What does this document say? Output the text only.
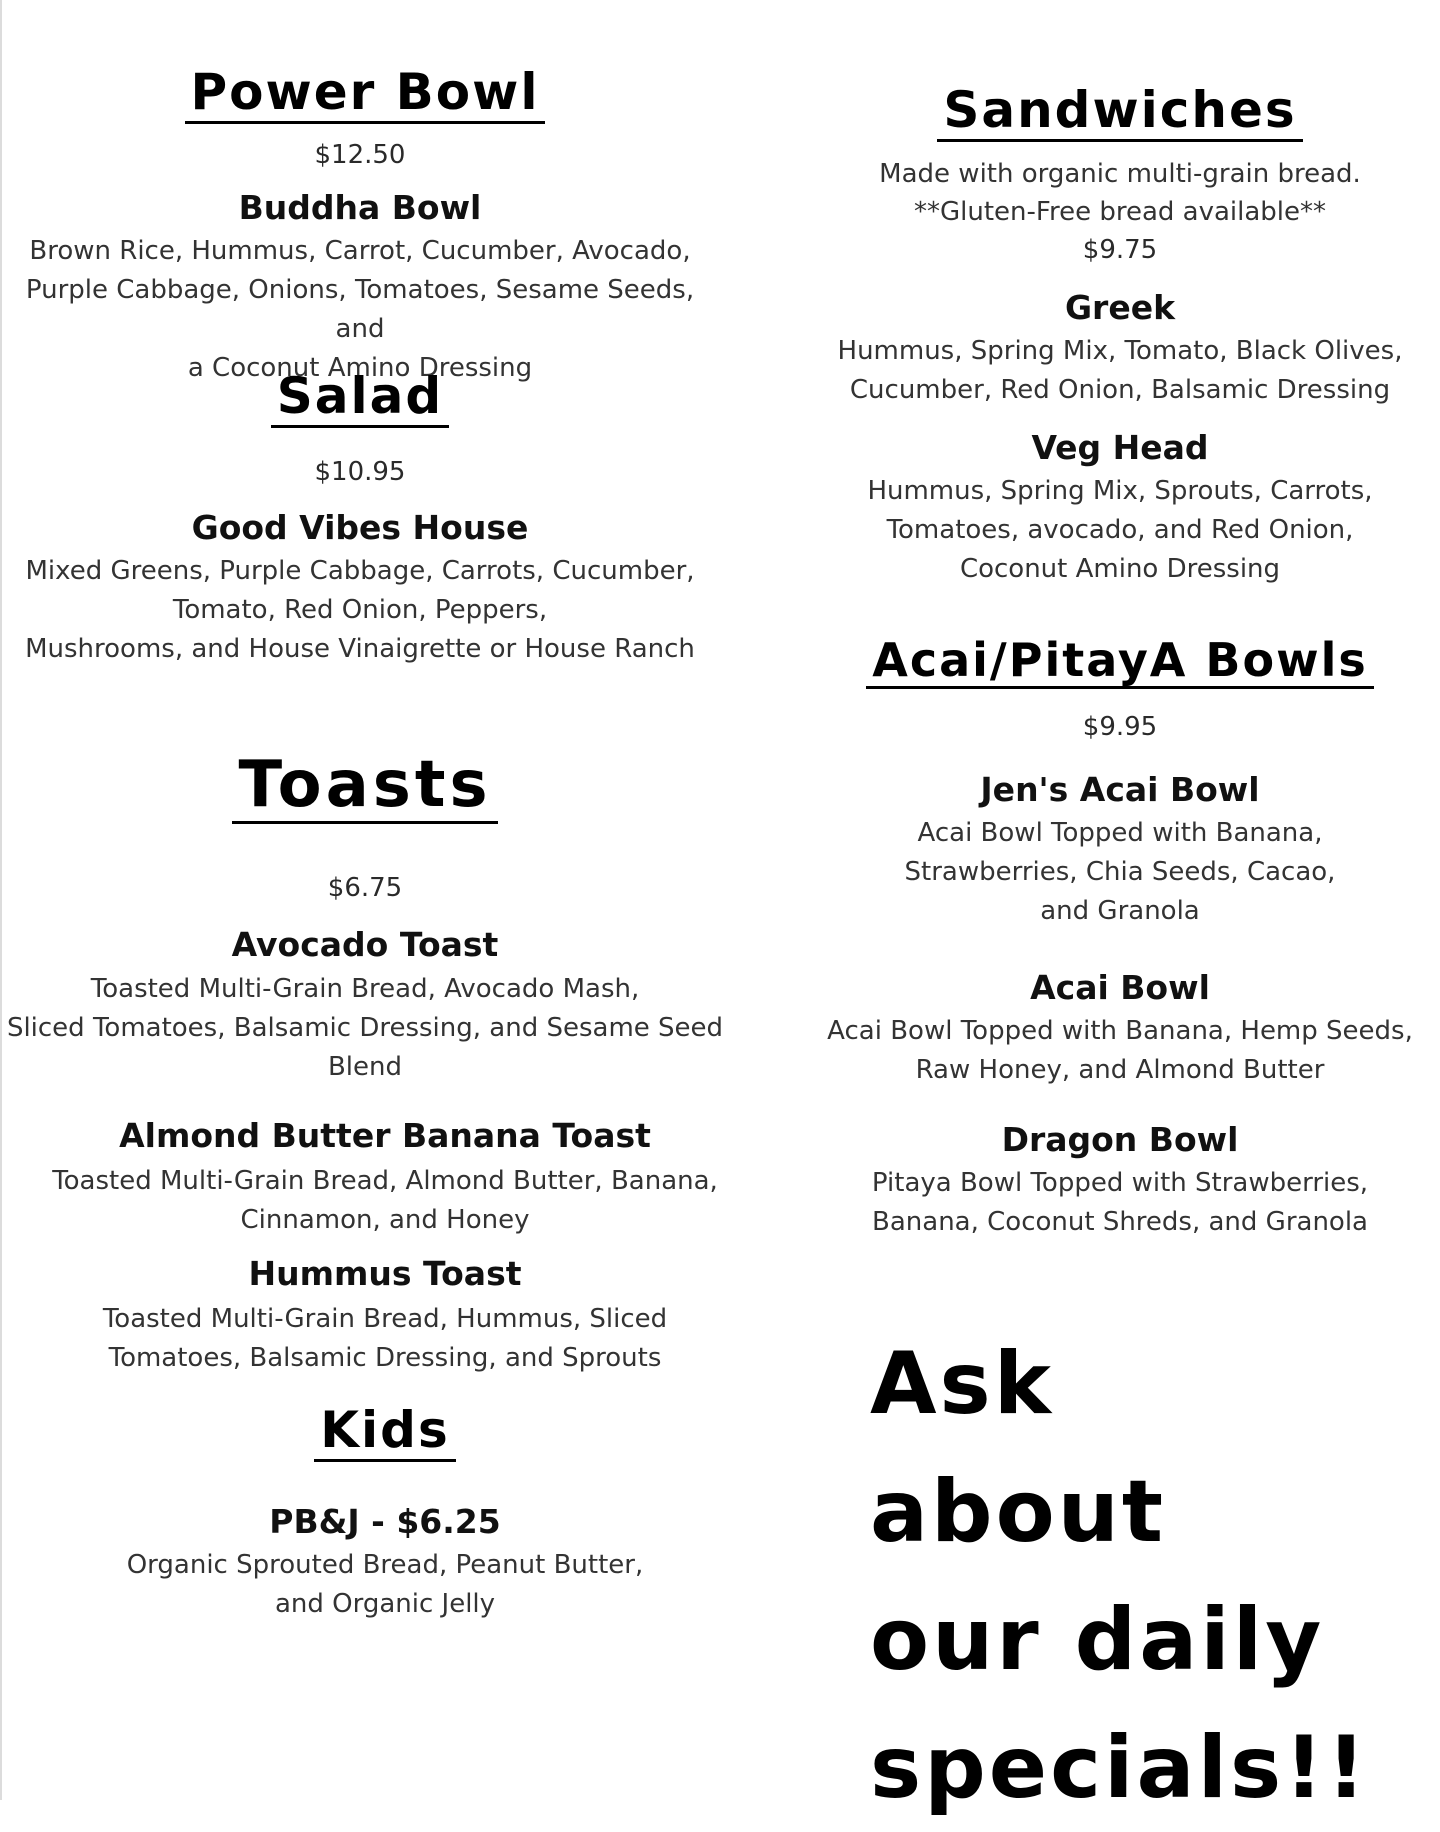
Power Bowl
$12.50
Buddha Bowl
Brown Rice, Hummus, Carrot, Cucumber, Avocado,
Purple Cabbage, Onions, Tomatoes, Sesame Seeds, and
a Coconut Amino Dressing
Salad
$10.95
Good Vibes House
Mixed Greens, Purple Cabbage, Carrots, Cucumber,
Tomato, Red Onion, Peppers,
Mushrooms, and House Vinaigrette or House Ranch
Toasts
$6.75
Avocado Toast
Toasted Multi-Grain Bread, Avocado Mash,
Sliced Tomatoes, Balsamic Dressing, and Sesame Seed
Blend
Almond Butter Banana Toast
Toasted Multi-Grain Bread, Almond Butter, Banana,
Cinnamon, and Honey
Hummus Toast
Toasted Multi-Grain Bread, Hummus, Sliced
Tomatoes, Balsamic Dressing, and Sprouts
Kids
PB&J - $6.25
Organic Sprouted Bread, Peanut Butter,
and Organic Jelly
Sandwiches
Made with organic multi-grain bread.
**Gluten-Free bread available**
$9.75
Greek
Hummus, Spring Mix, Tomato, Black Olives,
Cucumber, Red Onion, Balsamic Dressing
Veg Head
Hummus, Spring Mix, Sprouts, Carrots,
Tomatoes, avocado, and Red Onion,
Coconut Amino Dressing
Acai/PitayA Bowls
$9.95
Jen's Acai Bowl
Acai Bowl Topped with Banana,
Strawberries, Chia Seeds, Cacao,
and Granola
Acai Bowl
Acai Bowl Topped with Banana, Hemp Seeds,
Raw Honey, and Almond Butter
Dragon Bowl
Pitaya Bowl Topped with Strawberries,
Banana, Coconut Shreds, and Granola
Ask about
our daily
specials!!
